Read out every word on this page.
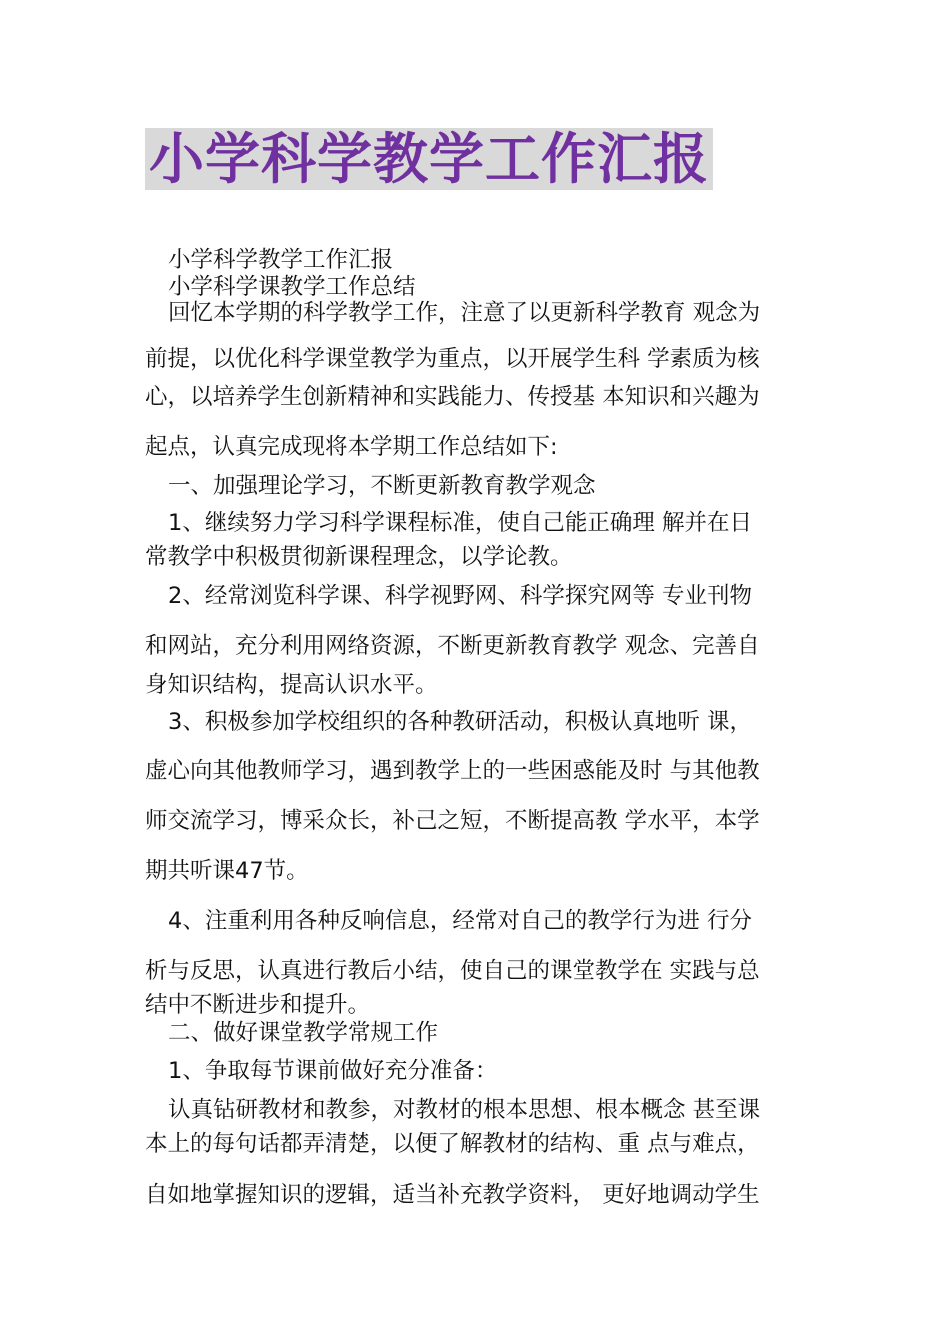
小学科学教学工作汇报
小学科学教学工作汇报
小学科学课教学工作总结
回忆本学期的科学教学工作，注意了以更新科学教育 观念为
前提，以优化科学课堂教学为重点，以开展学生科 学素质为核
心，以培养学生创新精神和实践能力、传授基 本知识和兴趣为
起点，认真完成现将本学期工作总结如下:
一、加强理论学习，不断更新教育教学观念
1、继续努力学习科学课程标准，使自己能正确理 解并在日
常教学中积极贯彻新课程理念，以学论教。
2、经常浏览科学课、科学视野网、科学探究网等 专业刊物
和网站，充分利用网络资源，不断更新教育教学 观念、完善自
身知识结构，提高认识水平。
3、积极参加学校组织的各种教研活动，积极认真地听 课，
虚心向其他教师学习，遇到教学上的一些困惑能及时 与其他教
师交流学习，博采众长，补己之短，不断提高教 学水平，本学
期共听课47节。
4、注重利用各种反响信息，经常对自己的教学行为进 行分
析与反思，认真进行教后小结，使自己的课堂教学在 实践与总
结中不断进步和提升。
二、做好课堂教学常规工作
1、争取每节课前做好充分准备：
认真钻研教材和教参，对教材的根本思想、根本概念 甚至课
本上的每句话都弄清楚，以便了解教材的结构、重 点与难点，
自如地掌握知识的逻辑，适当补充教学资料， 更好地调动学生
